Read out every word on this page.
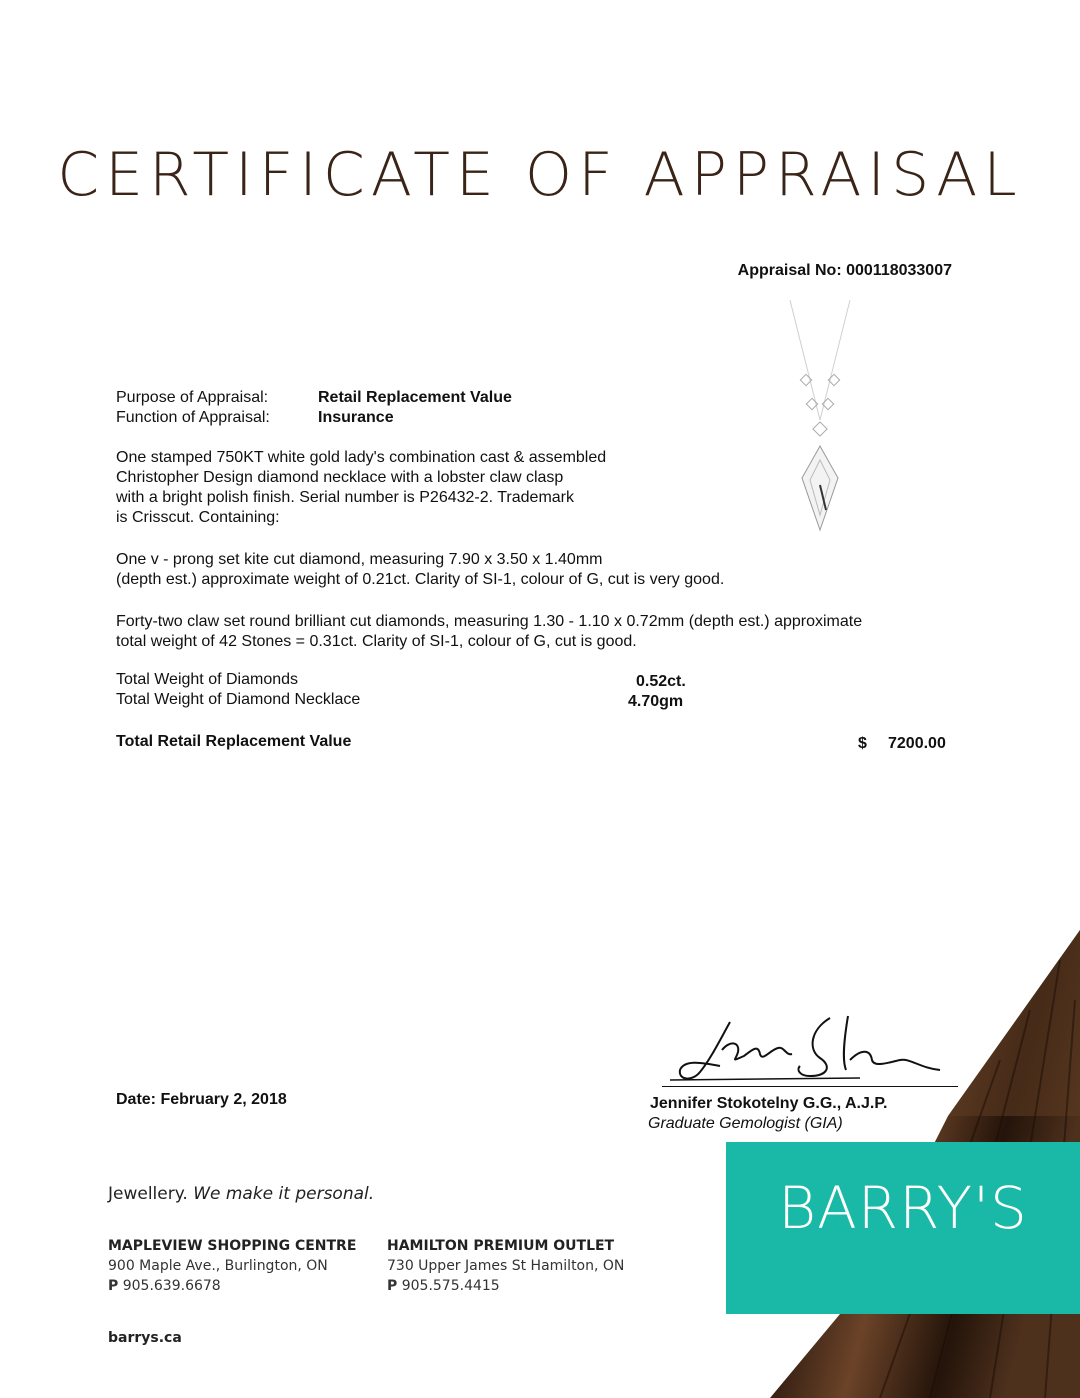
CERTIFICATE OF APPRAISAL
Appraisal No: 000118033007
Purpose of Appraisal:	Retail Replacement Value
Function of Appraisal:	Insurance
One stamped 750KT white gold lady's combination cast & assembled
Christopher Design diamond necklace with a lobster claw clasp
with a bright polish finish. Serial number is P26432-2. Trademark
is Crisscut. Containing:
One v - prong set kite cut diamond, measuring 7.90 x 3.50 x 1.40mm
(depth est.) approximate weight of 0.21ct. Clarity of SI-1, colour of G, cut is very good.
Forty-two claw set round brilliant cut diamonds, measuring 1.30 - 1.10 x 0.72mm (depth est.) approximate
total weight of 42 Stones = 0.31ct. Clarity of SI-1, colour of G, cut is good.
Total Weight of Diamonds	0.52ct.
Total Weight of Diamond Necklace	4.70gm
Total Retail Replacement Value	$ 7200.00
Date: February 2, 2018	Jennifer Stokotelny G.G., A.J.P.
Graduate Gemologist (GIA)
BARRY'S
Jewellery. We make it personal.
MAPLEVIEW SHOPPING CENTRE
900 Maple Ave., Burlington, ON
P 905.639.6678
HAMILTON PREMIUM OUTLET
730 Upper James St Hamilton, ON
P 905.575.4415
barrys.ca
